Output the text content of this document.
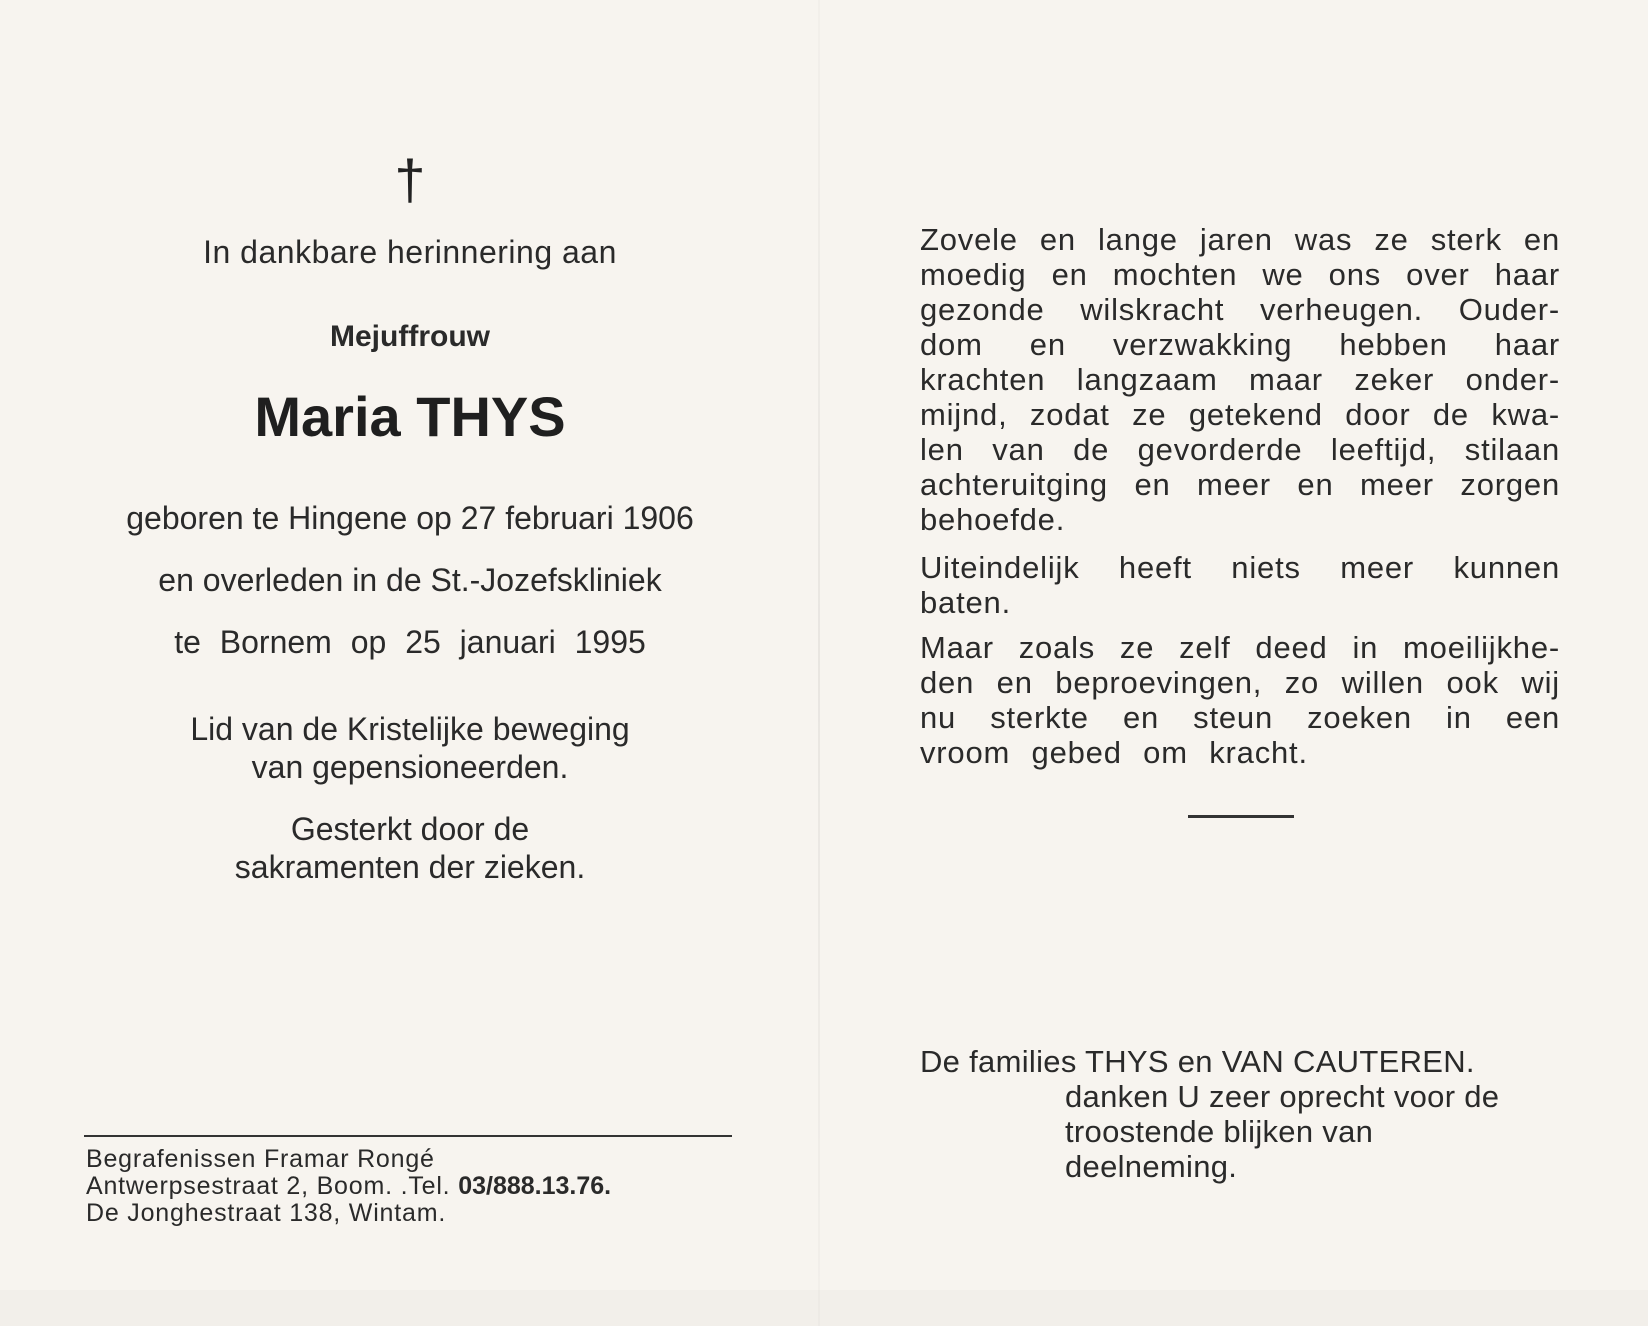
†
In dankbare herinnering aan
Mejuffrouw
Maria THYS
geboren te Hingene op 27 februari 1906
en overleden in de St.-Jozefskliniek
te Bornem op 25 januari 1995
Lid van de Kristelijke beweging
van gepensioneerden.
Gesterkt door de
sakramenten der zieken.
Begrafenissen Framar Rongé
Antwerpsestraat 2, Boom. .Tel. 03/888.13.76.
De Jonghestraat 138, Wintam.
Zovele en lange jaren was ze sterk en
moedig en mochten we ons over haar
gezonde wilskracht verheugen. Ouder-
dom en verzwakking hebben haar
krachten langzaam maar zeker onder-
mijnd, zodat ze getekend door de kwa-
len van de gevorderde leeftijd, stilaan
achteruitging en meer en meer zorgen
behoefde.
Uiteindelijk heeft niets meer kunnen
baten.
Maar zoals ze zelf deed in moeilijkhe-
den en beproevingen, zo willen ook wij
nu sterkte en steun zoeken in een
vroom gebed om kracht.
De families THYS en VAN CAUTEREN.
danken U zeer oprecht voor de
troostende blijken van
deelneming.
